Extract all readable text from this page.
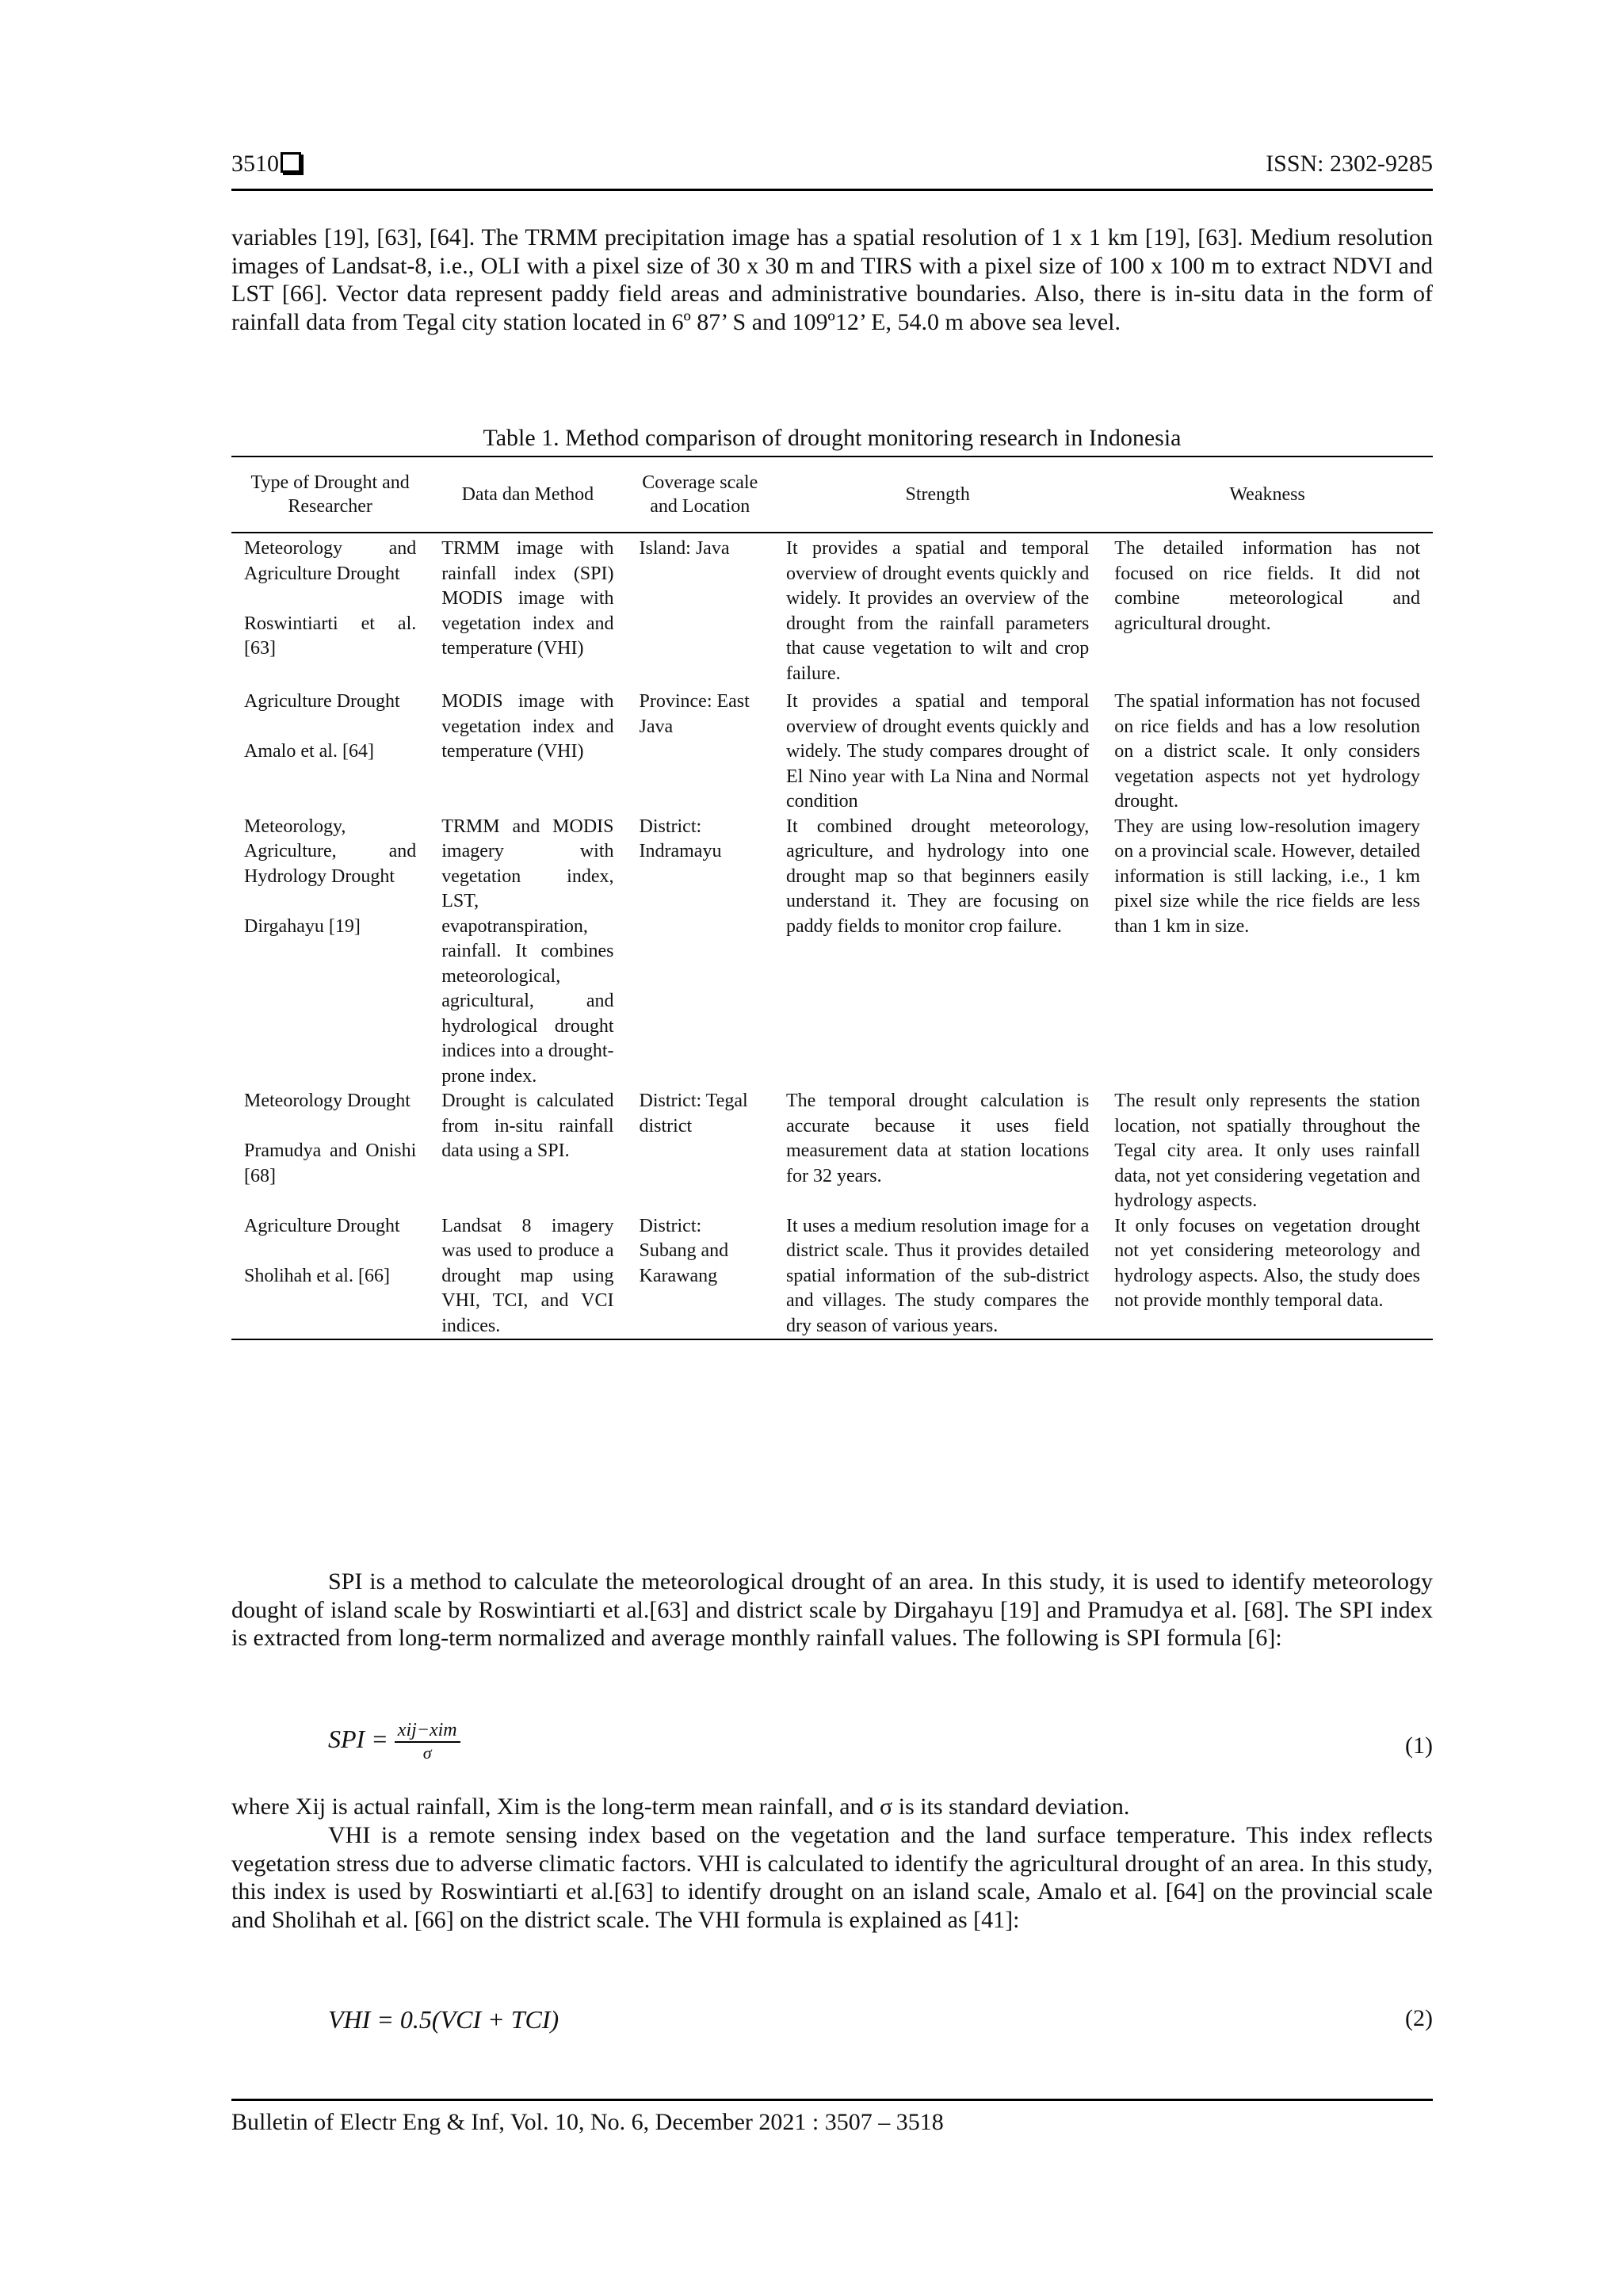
3510	ISSN: 2302-9285
variables [19], [63], [64]. The TRMM precipitation image has a spatial resolution of 1 x 1 km [19], [63]. Medium resolution images of Landsat-8, i.e., OLI with a pixel size of 30 x 30 m and TIRS with a pixel size of 100 x 100 m to extract NDVI and LST [66]. Vector data represent paddy field areas and administrative boundaries. Also, there is in-situ data in the form of rainfall data from Tegal city station located in 6º 87’ S and 109º12’ E, 54.0 m above sea level.
Table 1. Method comparison of drought monitoring research in Indonesia
Type of Drought and Researcher	Data dan Method	Coverage scale and Location	Strength	Weakness

Meteorology and Agriculture Drought
Roswintiarti et al. [63]	TRMM image with rainfall index (SPI) MODIS image with vegetation index and temperature (VHI)	Island: Java	It provides a spatial and temporal overview of drought events quickly and widely. It provides an overview of the drought from the rainfall parameters that cause vegetation to wilt and crop failure.	The detailed information has not focused on rice fields. It did not combine meteorological and agricultural drought.

Agriculture Drought
Amalo et al. [64]	MODIS image with vegetation index and temperature (VHI)	Province: East Java	It provides a spatial and temporal overview of drought events quickly and widely. The study compares drought of El Nino year with La Nina and Normal condition	The spatial information has not focused on rice fields and has a low resolution on a district scale. It only considers vegetation aspects not yet hydrology drought.

Meteorology, Agriculture, and Hydrology Drought
Dirgahayu [19]	TRMM and MODIS imagery with vegetation index, LST, evapotranspiration, rainfall. It combines meteorological, agricultural, and hydrological drought indices into a drought-prone index.	District: Indramayu	It combined drought meteorology, agriculture, and hydrology into one drought map so that beginners easily understand it. They are focusing on paddy fields to monitor crop failure.	They are using low-resolution imagery on a provincial scale. However, detailed information is still lacking, i.e., 1 km pixel size while the rice fields are less than 1 km in size.

Meteorology Drought
Pramudya and Onishi [68]	Drought is calculated from in-situ rainfall data using a SPI.	District: Tegal district	The temporal drought calculation is accurate because it uses field measurement data at station locations for 32 years.	The result only represents the station location, not spatially throughout the Tegal city area. It only uses rainfall data, not yet considering vegetation and hydrology aspects.

Agriculture Drought
Sholihah et al. [66]	Landsat 8 imagery was used to produce a drought map using VHI, TCI, and VCI indices.	District: Subang and Karawang	It uses a medium resolution image for a district scale. Thus it provides detailed spatial information of the sub-district and villages. The study compares the dry season of various years.	It only focuses on vegetation drought not yet considering meteorology and hydrology aspects. Also, the study does not provide monthly temporal data.
SPI is a method to calculate the meteorological drought of an area. In this study, it is used to identify meteorology dought of island scale by Roswintiarti et al.[63] and district scale by Dirgahayu [19] and Pramudya et al. [68]. The SPI index is extracted from long-term normalized and average monthly rainfall values. The following is SPI formula [6]:
SPI = $\frac{\text{xij−xim}}{\sigma}$	(1)
where Xij is actual rainfall, Xim is the long-term mean rainfall, and σ is its standard deviation.
VHI is a remote sensing index based on the vegetation and the land surface temperature. This index reflects vegetation stress due to adverse climatic factors. VHI is calculated to identify the agricultural drought of an area. In this study, this index is used by Roswintiarti et al.[63] to identify drought on an island scale, Amalo et al. [64] on the provincial scale and Sholihah et al. [66] on the district scale. The VHI formula is explained as [41]:
VHI = 0.5(VCI + TCI)	(2)
Bulletin of Electr Eng & Inf, Vol. 10, No. 6, December 2021 : 3507 – 3518
